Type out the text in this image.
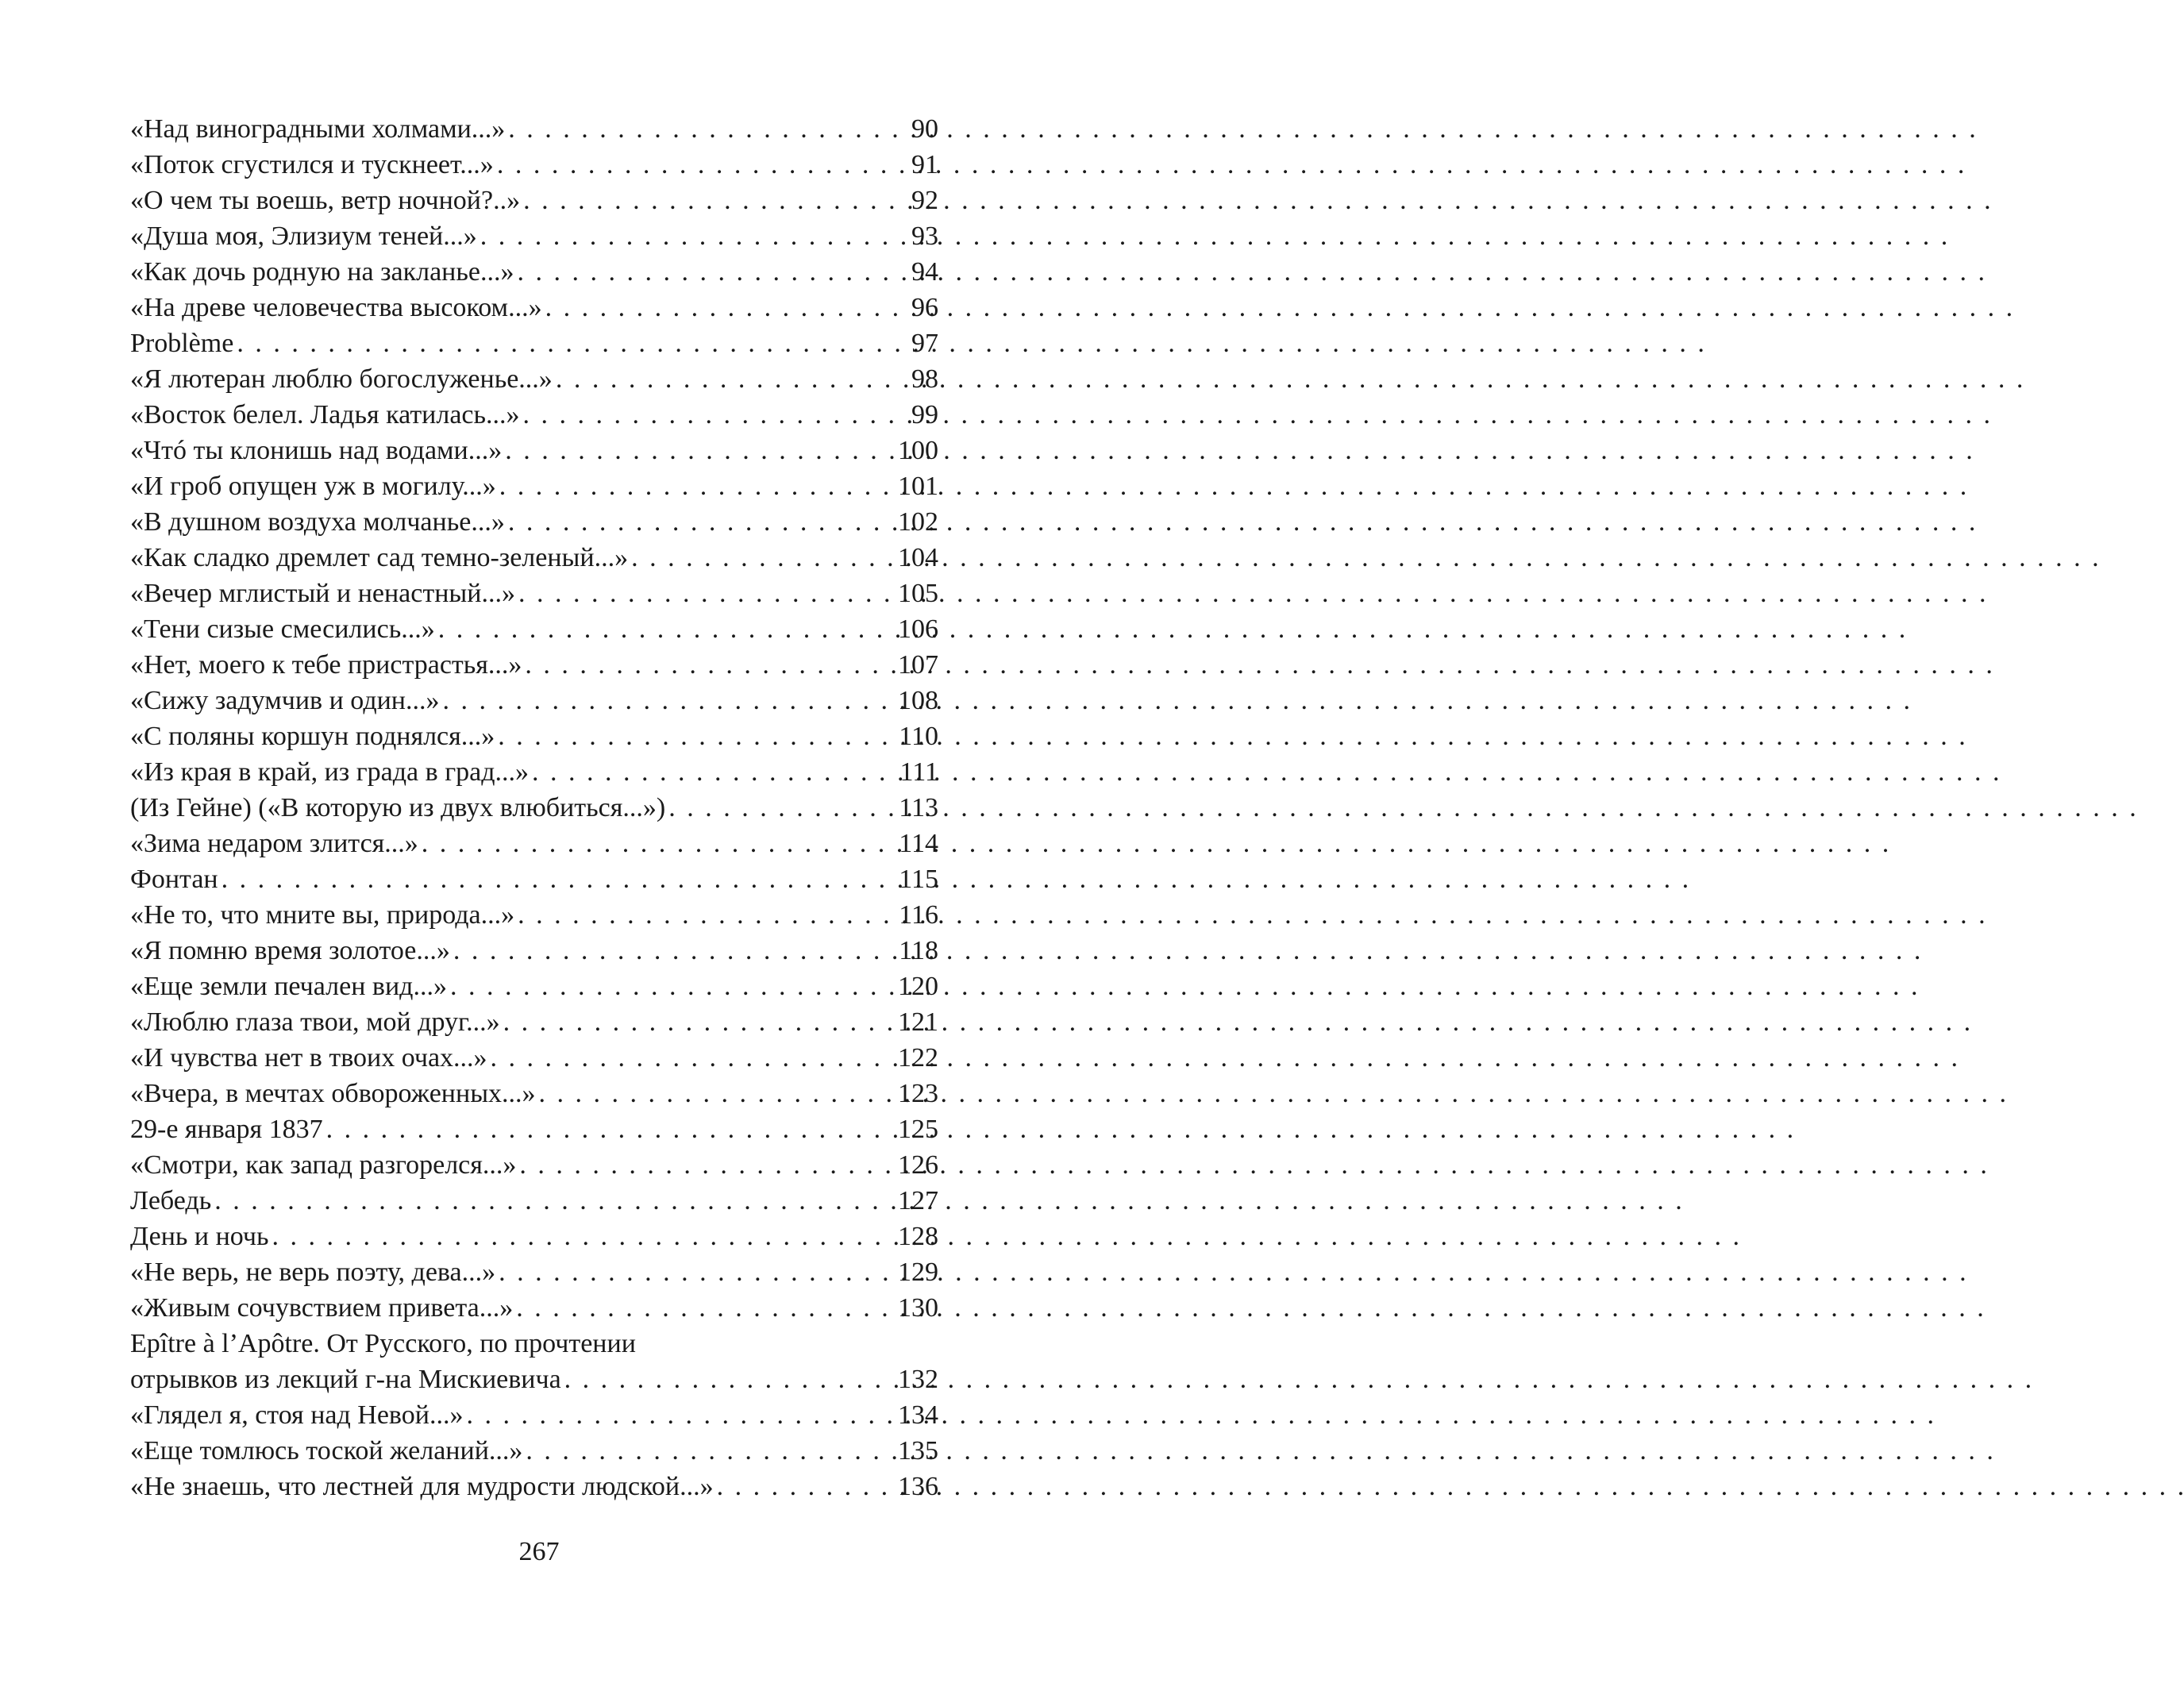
«Над виноградными холмами...» . . .	90
«Поток сгустился и тускнеет...» . . .	91
«О чем ты воешь, ветр ночной?..» . . .	92
«Душа моя, Элизиум теней...» . . .	93
«Как дочь родную на закланье...» . . .	94
«На древе человечества высоком...» . . .	96
Problème . . .	97
«Я лютеран люблю богослуженье...» . . .	98
«Восток белел. Ладья катилась...» . . .	99
«Чтó ты клонишь над водами...» . . .	100
«И гроб опущен уж в могилу...» . . .	101
«В душном воздуха молчанье...» . . .	102
«Как сладко дремлет сад темно-зеленый...» . . .	104
«Вечер мглистый и ненастный...» . . .	105
«Тени сизые смесились...» . . .	106
«Нет, моего к тебе пристрастья...» . . .	107
«Сижу задумчив и один...» . . .	108
«С поляны коршун поднялся...» . . .	110
«Из края в край, из града в град...» . . .	111
(Из Гейне) («В которую из двух влюбиться...») . . .	113
«Зима недаром злится...» . . .	114
Фонтан . . .	115
«Не то, что мните вы, природа...» . . .	116
«Я помню время золотое...» . . .	118
«Еще земли печален вид...» . . .	120
«Люблю глаза твои, мой друг...» . . .	121
«И чувства нет в твоих очах...» . . .	122
«Вчера, в мечтах обвороженных...» . . .	123
29-е января 1837 . . .	125
«Смотри, как запад разгорелся...» . . .	126
Лебедь . . .	127
День и ночь . . .	128
«Не верь, не верь поэту, дева...» . . .	129
«Живым сочувствием привета...» . . .	130
Epître à l’Apôtre. От Русского, по прочтении
отрывков из лекций г-на Мискиевича . . .	132
«Глядел я, стоя над Невой...» . . .	134
«Еще томлюсь тоской желаний...» . . .	135
«Не знаешь, что лестней для мудрости людской...» . . .	136
267
